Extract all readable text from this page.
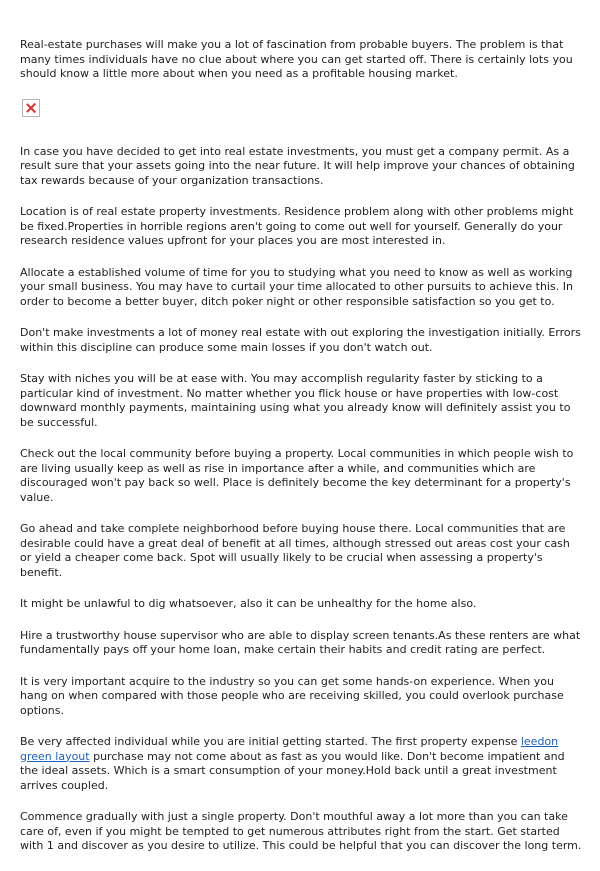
Real-estate purchases will make you a lot of fascination from probable buyers. The problem is that many times individuals have no clue about where you can get started off. There is certainly lots you should know a little more about when you need as a profitable housing market.

In case you have decided to get into real estate investments, you must get a company permit. As a result sure that your assets going into the near future. It will help improve your chances of obtaining tax rewards because of your organization transactions.

Location is of real estate property investments. Residence problem along with other problems might be fixed.Properties in horrible regions aren't going to come out well for yourself. Generally do your research residence values upfront for your places you are most interested in.

Allocate a established volume of time for you to studying what you need to know as well as working your small business. You may have to curtail your time allocated to other pursuits to achieve this. In order to become a better buyer, ditch poker night or other responsible satisfaction so you get to.

Don't make investments a lot of money real estate with out exploring the investigation initially. Errors within this discipline can produce some main losses if you don't watch out.

Stay with niches you will be at ease with. You may accomplish regularity faster by sticking to a particular kind of investment. No matter whether you flick house or have properties with low-cost downward monthly payments, maintaining using what you already know will definitely assist you to be successful.

Check out the local community before buying a property. Local communities in which people wish to are living usually keep as well as rise in importance after a while, and communities which are discouraged won't pay back so well. Place is definitely become the key determinant for a property's value.

Go ahead and take complete neighborhood before buying house there. Local communities that are desirable could have a great deal of benefit at all times, although stressed out areas cost your cash or yield a cheaper come back. Spot will usually likely to be crucial when assessing a property's benefit.

It might be unlawful to dig whatsoever, also it can be unhealthy for the home also.

Hire a trustworthy house supervisor who are able to display screen tenants.As these renters are what fundamentally pays off your home loan, make certain their habits and credit rating are perfect.

It is very important acquire to the industry so you can get some hands-on experience. When you hang on when compared with those people who are receiving skilled, you could overlook purchase options.

Be very affected individual while you are initial getting started. The first property expense leedon green layout purchase may not come about as fast as you would like. Don't become impatient and the ideal assets. Which is a smart consumption of your money.Hold back until a great investment arrives coupled.

Commence gradually with just a single property. Don't mouthful away a lot more than you can take care of, even if you might be tempted to get numerous attributes right from the start. Get started with 1 and discover as you desire to utilize. This could be helpful that you can discover the long term.
